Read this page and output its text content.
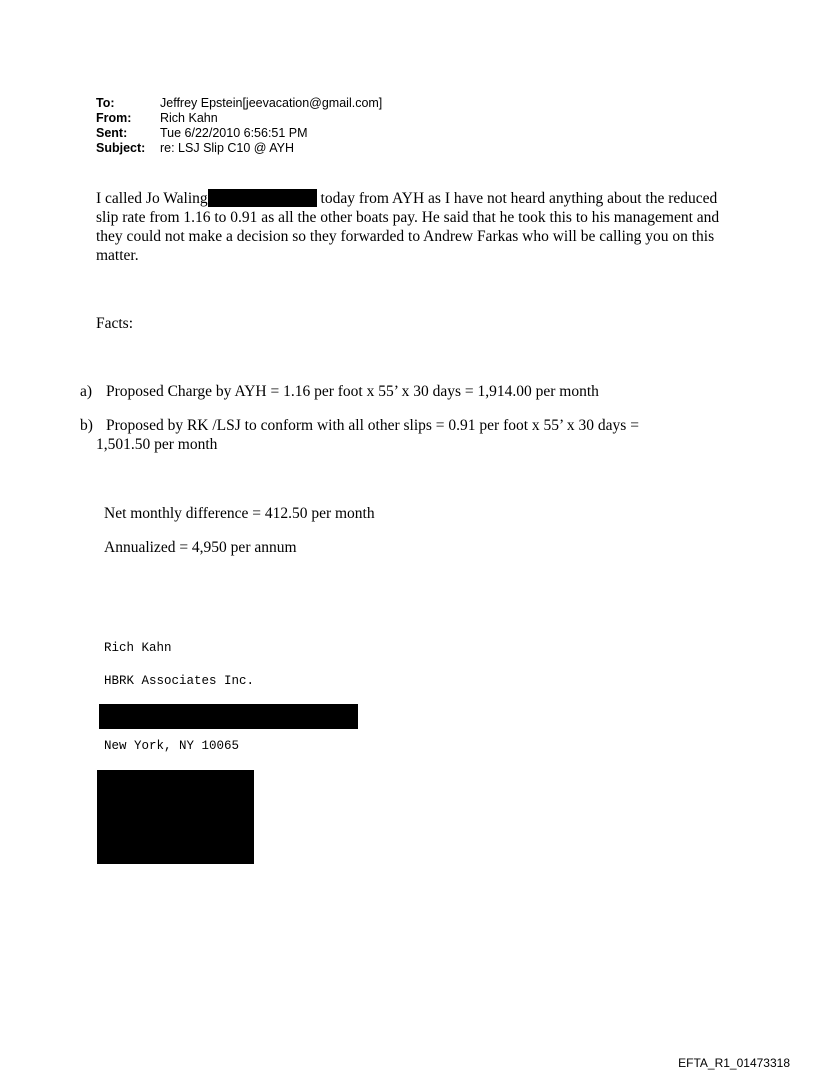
To:	Jeffrey Epstein[jeevacation@gmail.com]
From:	Rich Kahn
Sent:	Tue 6/22/2010 6:56:51 PM
Subject:	re: LSJ Slip C10 @ AYH

I called Jo Waling	today from AYH as I have not heard anything about the reduced slip rate from 1.16 to 0.91 as all the other boats pay. He said that he took this to his management and they could not make a decision so they forwarded to Andrew Farkas who will be calling you on this matter.

Facts:

a) Proposed Charge by AYH = 1.16 per foot x 55’ x 30 days = 1,914.00 per month
b) Proposed by RK /LSJ to conform with all other slips = 0.91 per foot x 55’ x 30 days =
1,501.50 per month

Net monthly difference = 412.50 per month

Annualized = 4,950 per annum

Rich Kahn
HBRK Associates Inc.
New York, NY 10065
EFTA_R1_01473318
